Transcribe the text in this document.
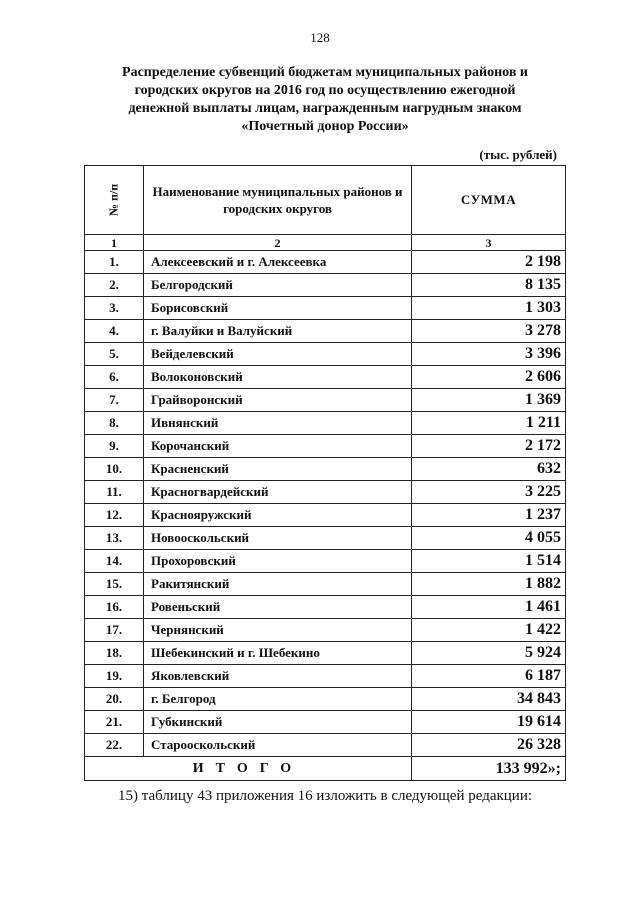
128
Распределение субвенций бюджетам муниципальных районов и
городских округов на 2016 год по осуществлению ежегодной
денежной выплаты лицам, награжденным нагрудным знаком
«Почетный донор России»
(тыс. рублей)
№ п/п	Наименование муниципальных районов и городских округов	СУММА
1	2	3
1.	Алексеевский и г. Алексеевка	2 198
2.	Белгородский	8 135
3.	Борисовский	1 303
4.	г. Валуйки и Валуйский	3 278
5.	Вейделевский	3 396
6.	Волоконовский	2 606
7.	Грайворонский	1 369
8.	Ивнянский	1 211
9.	Корочанский	2 172
10.	Красненский	632
11.	Красногвардейский	3 225
12.	Краснояружский	1 237
13.	Новооскольский	4 055
14.	Прохоровский	1 514
15.	Ракитянский	1 882
16.	Ровеньский	1 461
17.	Чернянский	1 422
18.	Шебекинский и г. Шебекино	5 924
19.	Яковлевский	6 187
20.	г. Белгород	34 843
21.	Губкинский	19 614
22.	Старооскольский	26 328
ИТОГО		133 992»;
15) таблицу 43 приложения 16 изложить в следующей редакции:
